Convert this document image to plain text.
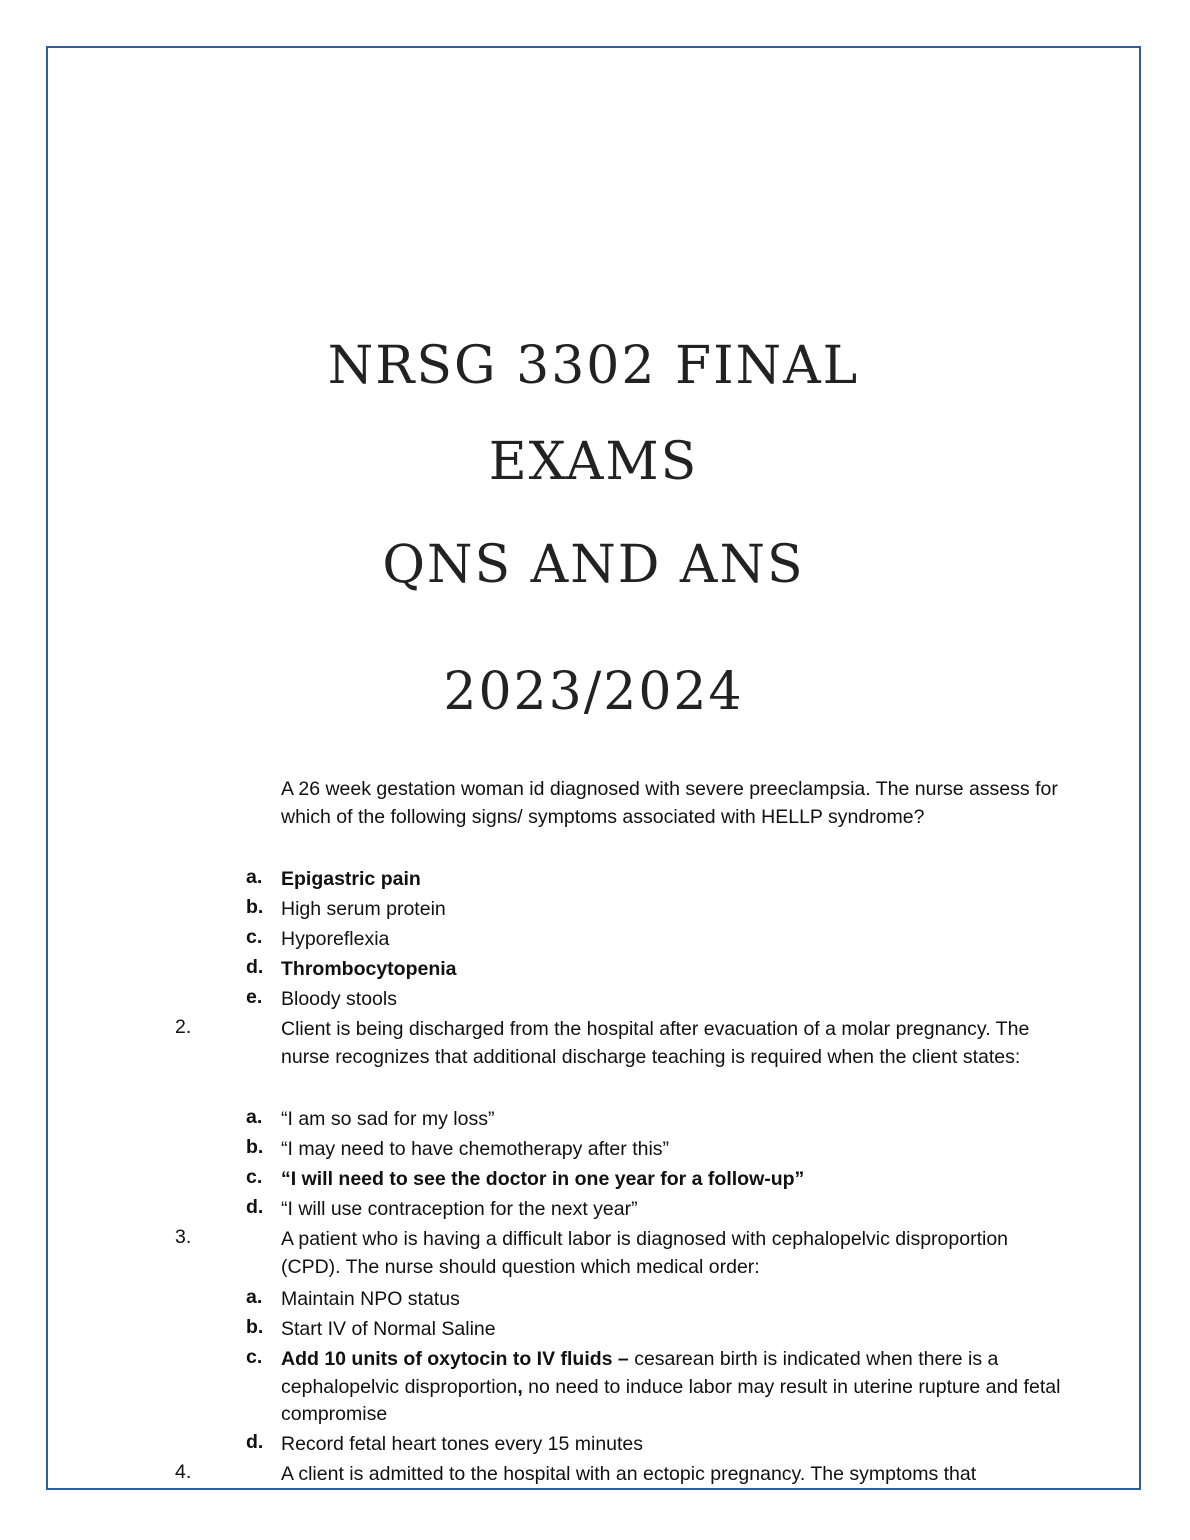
NRSG 3302 FINAL
EXAMS
QNS AND ANS
2023/2024
A 26 week gestation woman id diagnosed with severe preeclampsia. The nurse assess for which of the following signs/ symptoms associated with HELLP syndrome?
a. Epigastric pain
b. High serum protein
c. Hyporeflexia
d. Thrombocytopenia
e. Bloody stools
2.	Client is being discharged from the hospital after evacuation of a molar pregnancy. The nurse recognizes that additional discharge teaching is required when the client states:
a. “I am so sad for my loss”
b. “I may need to have chemotherapy after this”
c. “I will need to see the doctor in one year for a follow-up”
d. “I will use contraception for the next year”
3.	A patient who is having a difficult labor is diagnosed with cephalopelvic disproportion (CPD). The nurse should question which medical order:
a. Maintain NPO status
b. Start IV of Normal Saline
c. Add 10 units of oxytocin to IV fluids – cesarean birth is indicated when there is a cephalopelvic disproportion, no need to induce labor may result in uterine rupture and fetal compromise
d. Record fetal heart tones every 15 minutes
4.	A client is admitted to the hospital with an ectopic pregnancy. The symptoms that
